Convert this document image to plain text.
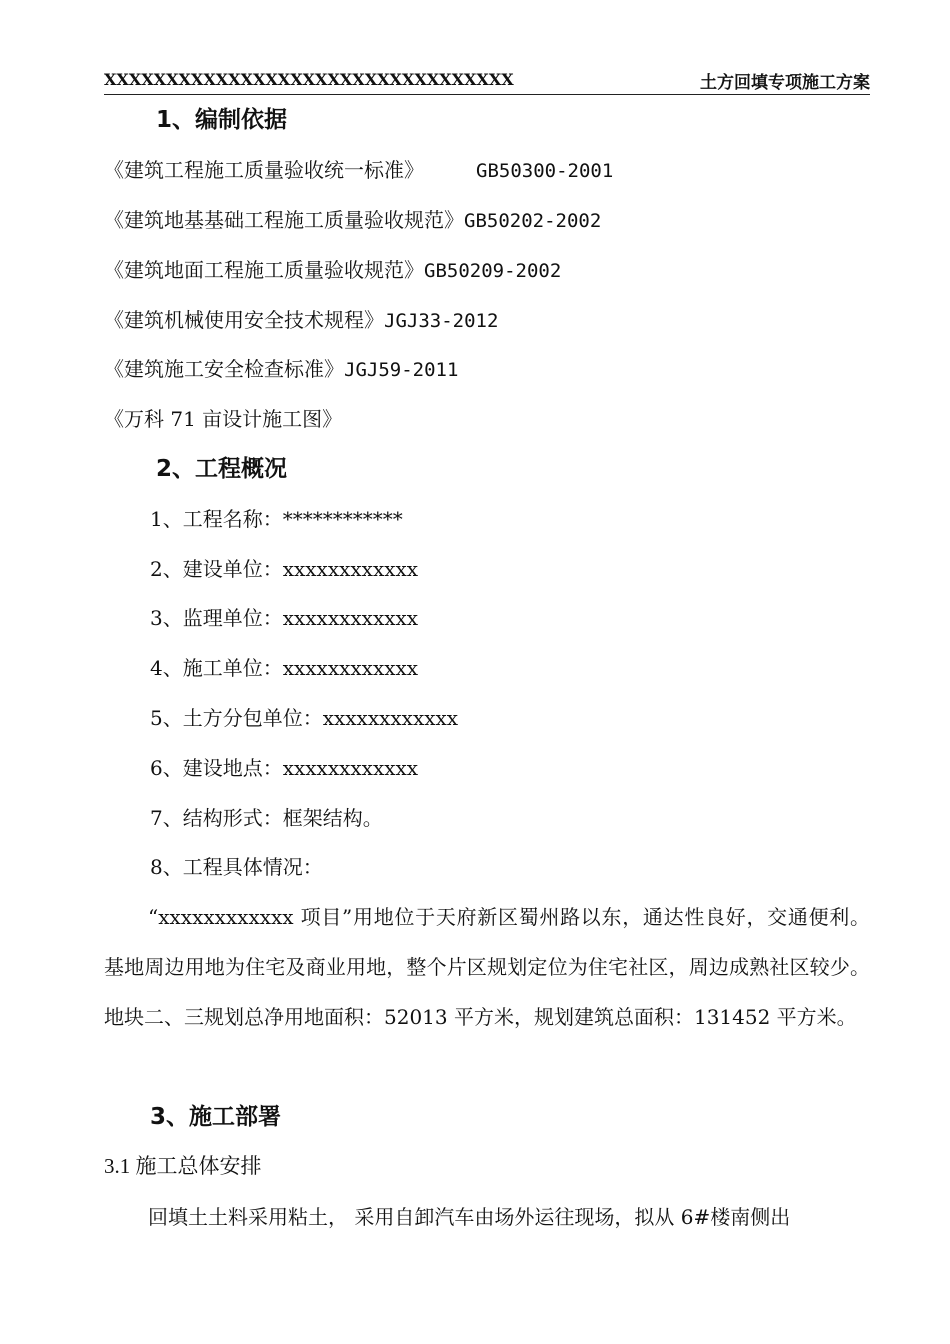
XXXXXXXXXXXXXXXXXXXXXXXXXXXXXXXXX	土方回填专项施工方案
1、编制依据
《建筑工程施工质量验收统一标准》	GB50300-2001
《建筑地基基础工程施工质量验收规范》GB50202-2002
《建筑地面工程施工质量验收规范》GB50209-2002
《建筑机械使用安全技术规程》JGJ33-2012
《建筑施工安全检查标准》JGJ59-2011
《万科 71 亩设计施工图》
2、工程概况
1、工程名称：************
2、建设单位：xxxxxxxxxxxx
3、监理单位：xxxxxxxxxxxx
4、施工单位：xxxxxxxxxxxx
5、土方分包单位：xxxxxxxxxxxx
6、建设地点：xxxxxxxxxxxx
7、结构形式：框架结构。
8、工程具体情况：
“xxxxxxxxxxxx 项目”用地位于天府新区蜀州路以东，通达性良好，交通便利。基地周边用地为住宅及商业用地，整个片区规划定位为住宅社区，周边成熟社区较少。地块二、三规划总净用地面积：52013 平方米，规划建筑总面积：131452 平方米。
3、施工部署
3.1 施工总体安排
回填土土料采用粘土， 采用自卸汽车由场外运往现场，拟从 6#楼南侧出
